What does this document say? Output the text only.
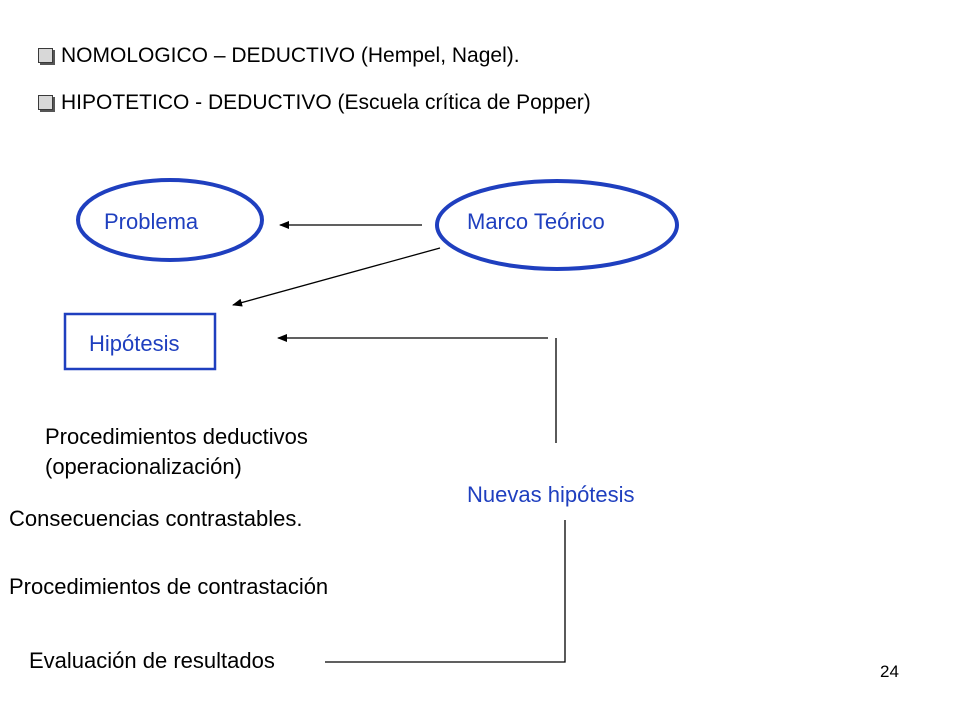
NOMOLOGICO – DEDUCTIVO (Hempel, Nagel).
HIPOTETICO - DEDUCTIVO (Escuela crítica de Popper)
Problema	Marco Teórico
Hipótesis
Nuevas hipótesis
Procedimientos deductivos
(operacionalización)
Consecuencias contrastables.
Procedimientos de contrastación
Evaluación de resultados	24
